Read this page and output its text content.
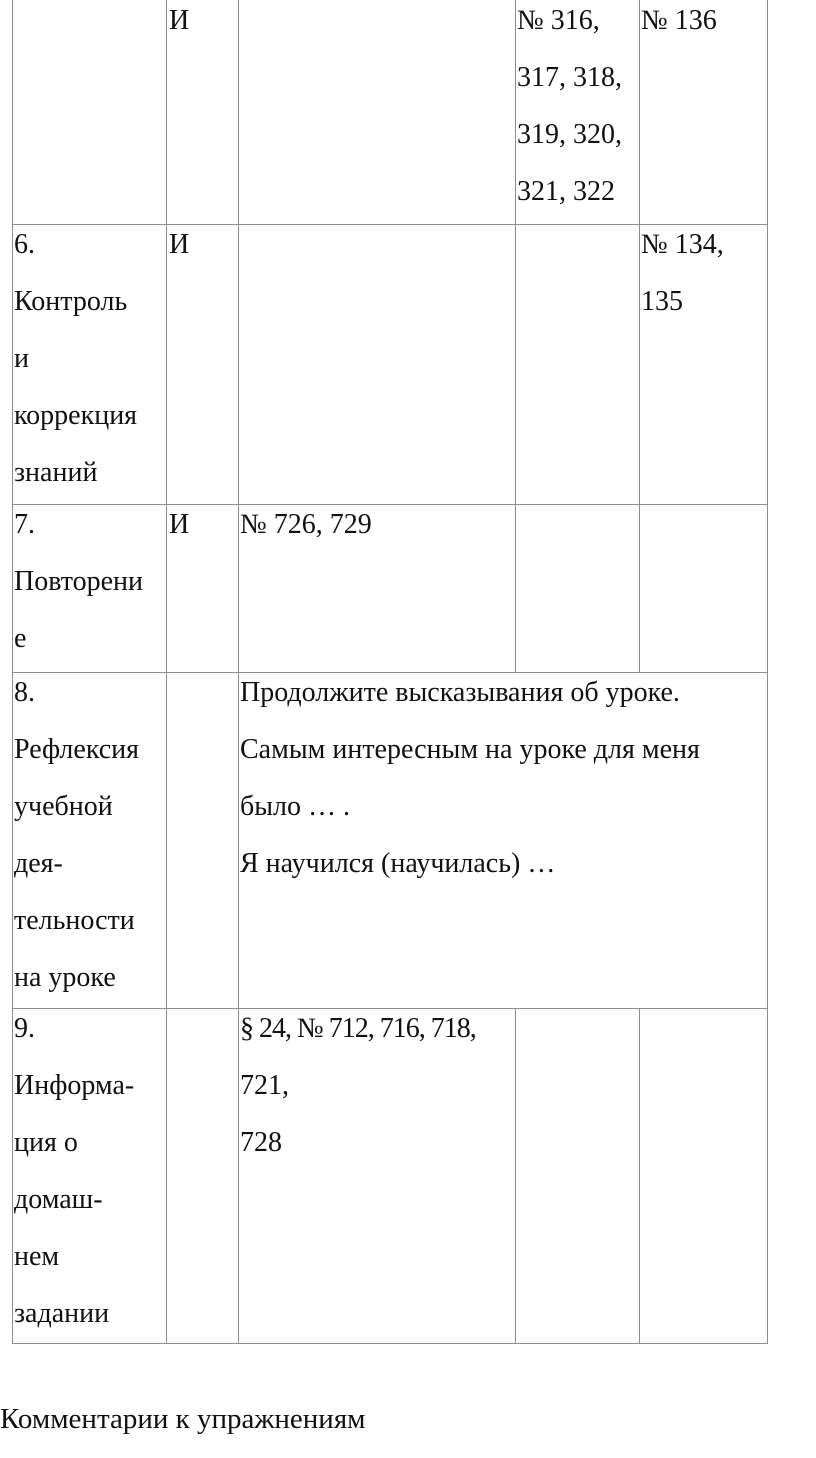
И	№ 316,
317, 318,
319, 320,
321, 322
№ 136
6.
Контроль
и
коррекция
знаний
И	№ 134,
135
7.
Повторени
е
И № 726, 729
8.
Рефлексия
учебной
дея-
тельности
на уроке
Продолжите высказывания об уроке.
Самым интересным на уроке для меня
было … .
Я научился (научилась) …
9.
Информа-
ция о
домаш-
нем
задании
§ 24, № 712, 716, 718,
721,
728
Комментарии к упражнениям
